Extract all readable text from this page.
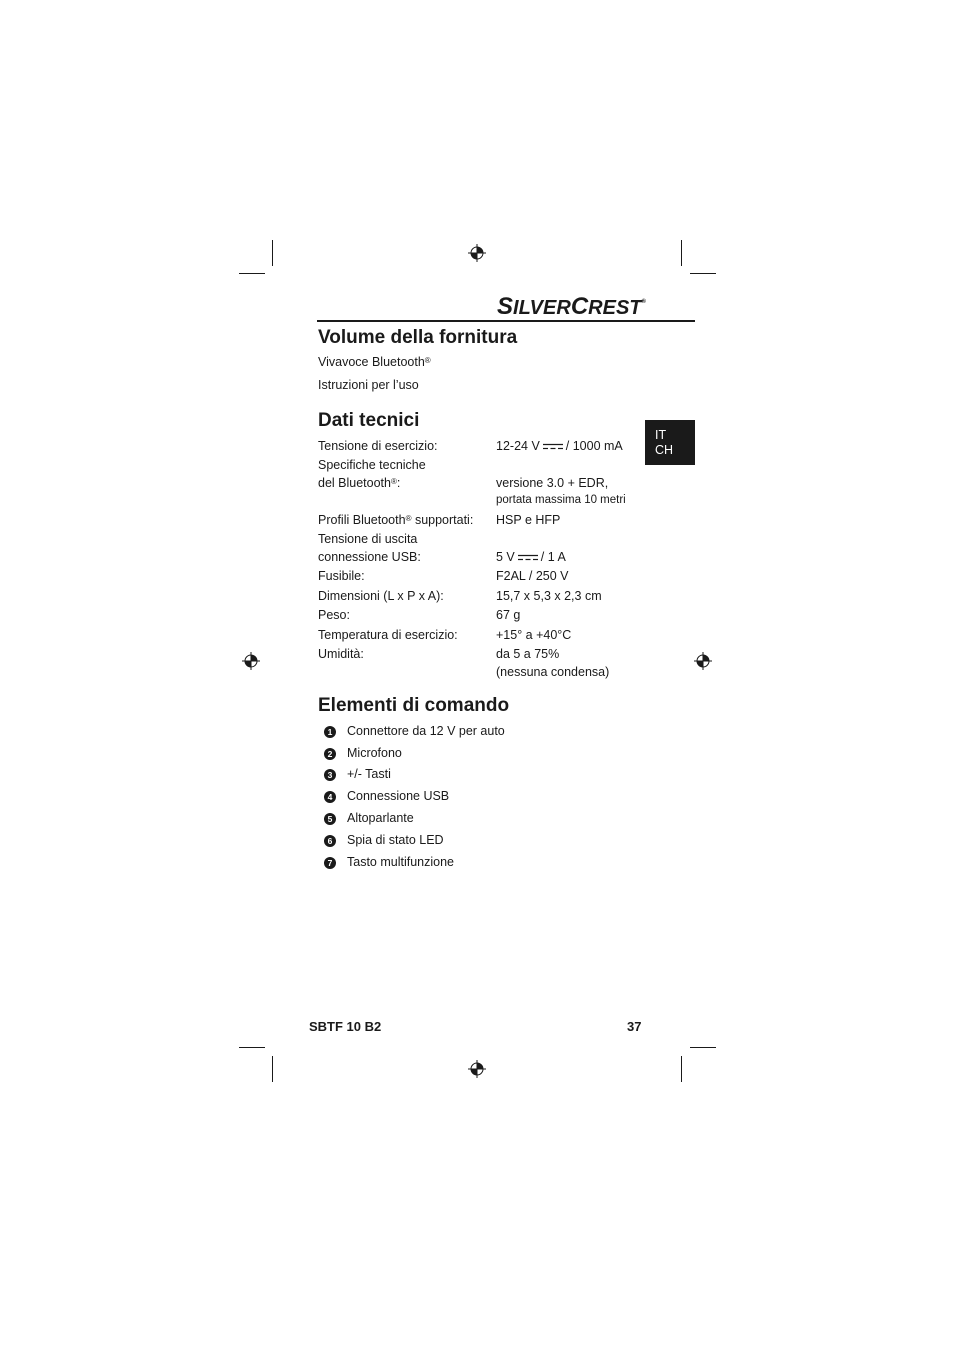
SILVERCREST®
Volume della fornitura
Vivavoce Bluetooth®
Istruzioni per l’uso
Dati tecnici
IT
CH
Tensione di esercizio:	12-24 V / 1000 mA
Specifiche tecniche
del Bluetooth®:	versione 3.0 + EDR,
portata massima 10 metri
Profili Bluetooth® supportati: HSP e HFP
Tensione di uscita
connessione USB:	5 V / 1 A
Fusibile:	F2AL / 250 V
Dimensioni (L x P x A):	15,7 x 5,3 x 2,3 cm
Peso:	67 g
Temperatura di esercizio:	+15° a +40°C
Umidità:	da 5 a 75%
(nessuna condensa)
Elementi di comando
1 Connettore da 12 V per auto
2 Microfono
3 +/- Tasti
4 Connessione USB
5 Altoparlante
6 Spia di stato LED
7 Tasto multifunzione
SBTF 10 B2	37
